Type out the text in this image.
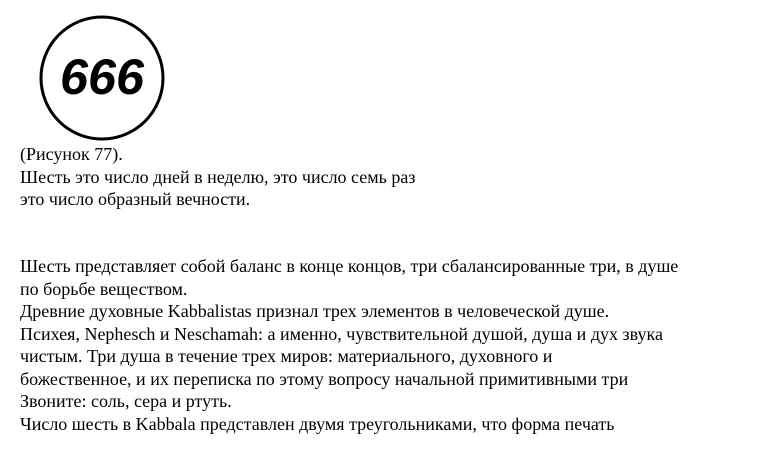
666

(Рисунок 77).
Шесть это число дней в неделю, это число семь раз
это число образный вечности.

Шесть представляет собой баланс в конце концов, три сбалансированные три, в душе
по борьбе веществом.
Древние духовные Kabbalistas признал трех элементов в человеческой душе.
Психея, Nephesch и Neschamah: а именно, чувствительной душой, душа и дух звука
чистым. Три душа в течение трех миров: материального, духовного и
божественное, и их переписка по этому вопросу начальной примитивными три
Звоните: соль, сера и ртуть.
Число шесть в Kabbala представлен двумя треугольниками, что форма печать
